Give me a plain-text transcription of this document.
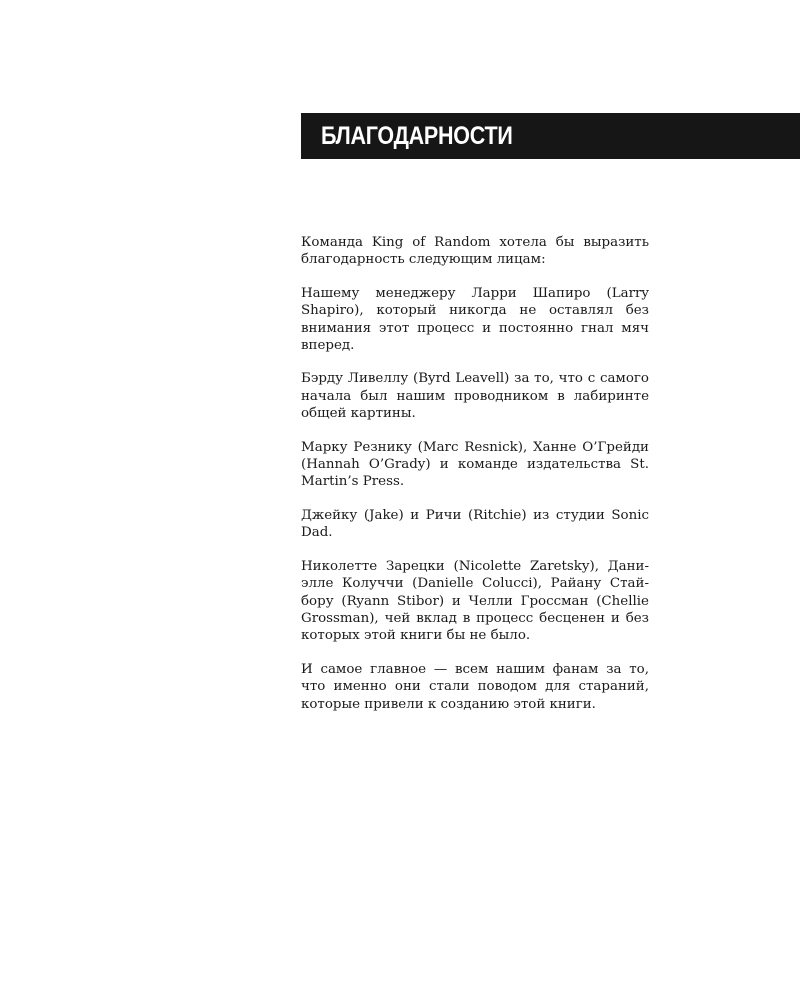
БЛАГОДАРНОСТИ

Команда King of Random хотела бы выразить благодарность следующим лицам:

Нашему менеджеру Ларри Шапиро (Larry Shapiro), который никогда не оставлял без внимания этот процесс и постоянно гнал мяч вперед.

Бэрду Ливеллу (Byrd Leavell) за то, что с самого начала был нашим проводником в лабиринте общей картины.

Марку Резнику (Marc Resnick), Ханне О’Грейди (Hannah O’Grady) и команде издательства St. Martin’s Press.

Джейку (Jake) и Ричи (Ritchie) из студии Sonic Dad.

Николетте Зарецки (Nicolette Zaretsky), Даниэлле Колуччи (Danielle Colucci), Райану Стайбору (Ryann Stibor) и Челли Гроссман (Chellie Grossman), чей вклад в процесс бесценен и без которых этой книги бы не было.

И самое главное — всем нашим фанам за то, что именно они стали поводом для стараний, которые привели к созданию этой книги.
